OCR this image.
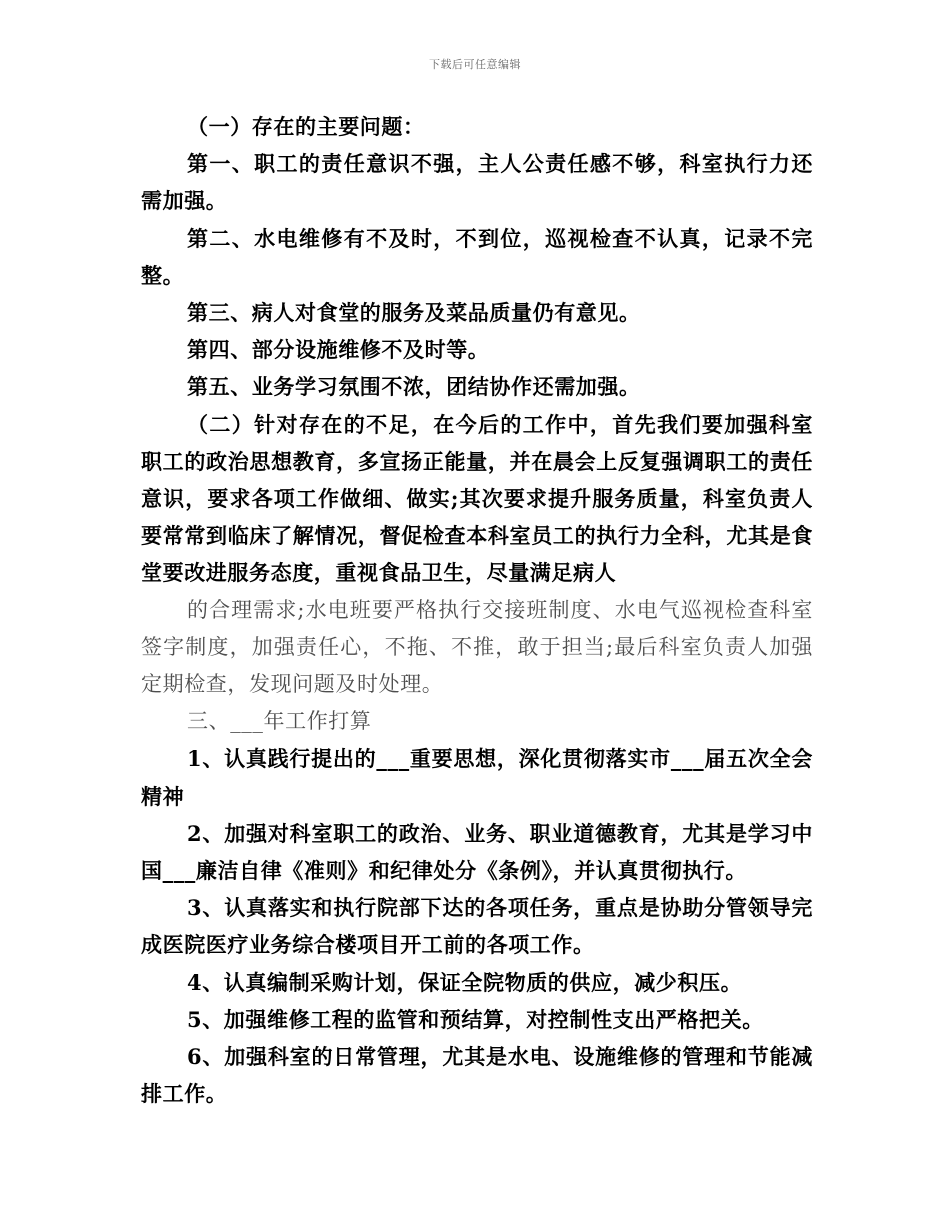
下载后可任意编辑

（一）存在的主要问题：

第一、职工的责任意识不强，主人公责任感不够，科室执行力还需加强。

第二、水电维修有不及时，不到位，巡视检查不认真，记录不完整。

第三、病人对食堂的服务及菜品质量仍有意见。

第四、部分设施维修不及时等。

第五、业务学习氛围不浓，团结协作还需加强。

（二）针对存在的不足，在今后的工作中，首先我们要加强科室职工的政治思想教育，多宣扬正能量，并在晨会上反复强调职工的责任意识，要求各项工作做细、做实;其次要求提升服务质量，科室负责人要常常到临床了解情况，督促检查本科室员工的执行力全科，尤其是食堂要改进服务态度，重视食品卫生，尽量满足病人

的合理需求;水电班要严格执行交接班制度、水电气巡视检查科室签字制度，加强责任心，不拖、不推，敢于担当;最后科室负责人加强定期检查，发现问题及时处理。

三、___年工作打算

1、认真践行提出的___重要思想，深化贯彻落实市___届五次全会精神

2、加强对科室职工的政治、业务、职业道德教育，尤其是学习中国___廉洁自律《准则》和纪律处分《条例》，并认真贯彻执行。

3、认真落实和执行院部下达的各项任务，重点是协助分管领导完成医院医疗业务综合楼项目开工前的各项工作。

4、认真编制采购计划，保证全院物质的供应，减少积压。

5、加强维修工程的监管和预结算，对控制性支出严格把关。

6、加强科室的日常管理，尤其是水电、设施维修的管理和节能减排工作。
